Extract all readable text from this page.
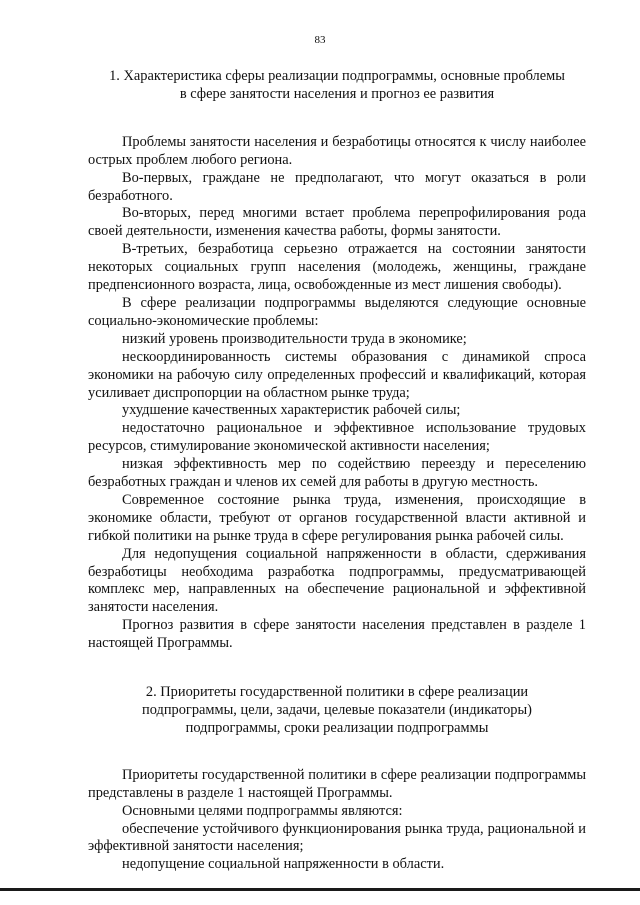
83

1. Характеристика сферы реализации подпрограммы, основные проблемы

в сфере занятости населения и прогноз ее развития

Проблемы занятости населения и безработицы относятся к числу наиболее острых проблем любого региона.

Во-первых, граждане не предполагают, что могут оказаться в роли безработного.

Во-вторых, перед многими встает проблема перепрофилирования рода своей деятельности, изменения качества работы, формы занятости.

В-третьих, безработица серьезно отражается на состоянии занятости некоторых социальных групп населения (молодежь, женщины, граждане предпенсионного возраста, лица, освобожденные из мест лишения свободы).

В сфере реализации подпрограммы выделяются следующие основные социально-экономические проблемы:

низкий уровень производительности труда в экономике;

нескоординированность системы образования с динамикой спроса экономики на рабочую силу определенных профессий и квалификаций, которая усиливает диспропорции на областном рынке труда;

ухудшение качественных характеристик рабочей силы;

недостаточно рациональное и эффективное использование трудовых ресурсов, стимулирование экономической активности населения;

низкая эффективность мер по содействию переезду и переселению безработных граждан и членов их семей для работы в другую местность.

Современное состояние рынка труда, изменения, происходящие в экономике области, требуют от органов государственной власти активной и гибкой политики на рынке труда в сфере регулирования рынка рабочей силы.

Для недопущения социальной напряженности в области, сдерживания безработицы необходима разработка подпрограммы, предусматривающей комплекс мер, направленных на обеспечение рациональной и эффективной занятости населения.

Прогноз развития в сфере занятости населения представлен в разделе 1 настоящей Программы.

2. Приоритеты государственной политики в сфере реализации

подпрограммы, цели, задачи, целевые показатели (индикаторы)

подпрограммы, сроки реализации подпрограммы

Приоритеты государственной политики в сфере реализации подпрограммы представлены в разделе 1 настоящей Программы.

Основными целями подпрограммы являются:

обеспечение устойчивого функционирования рынка труда, рациональной и эффективной занятости населения;

недопущение социальной напряженности в области.
